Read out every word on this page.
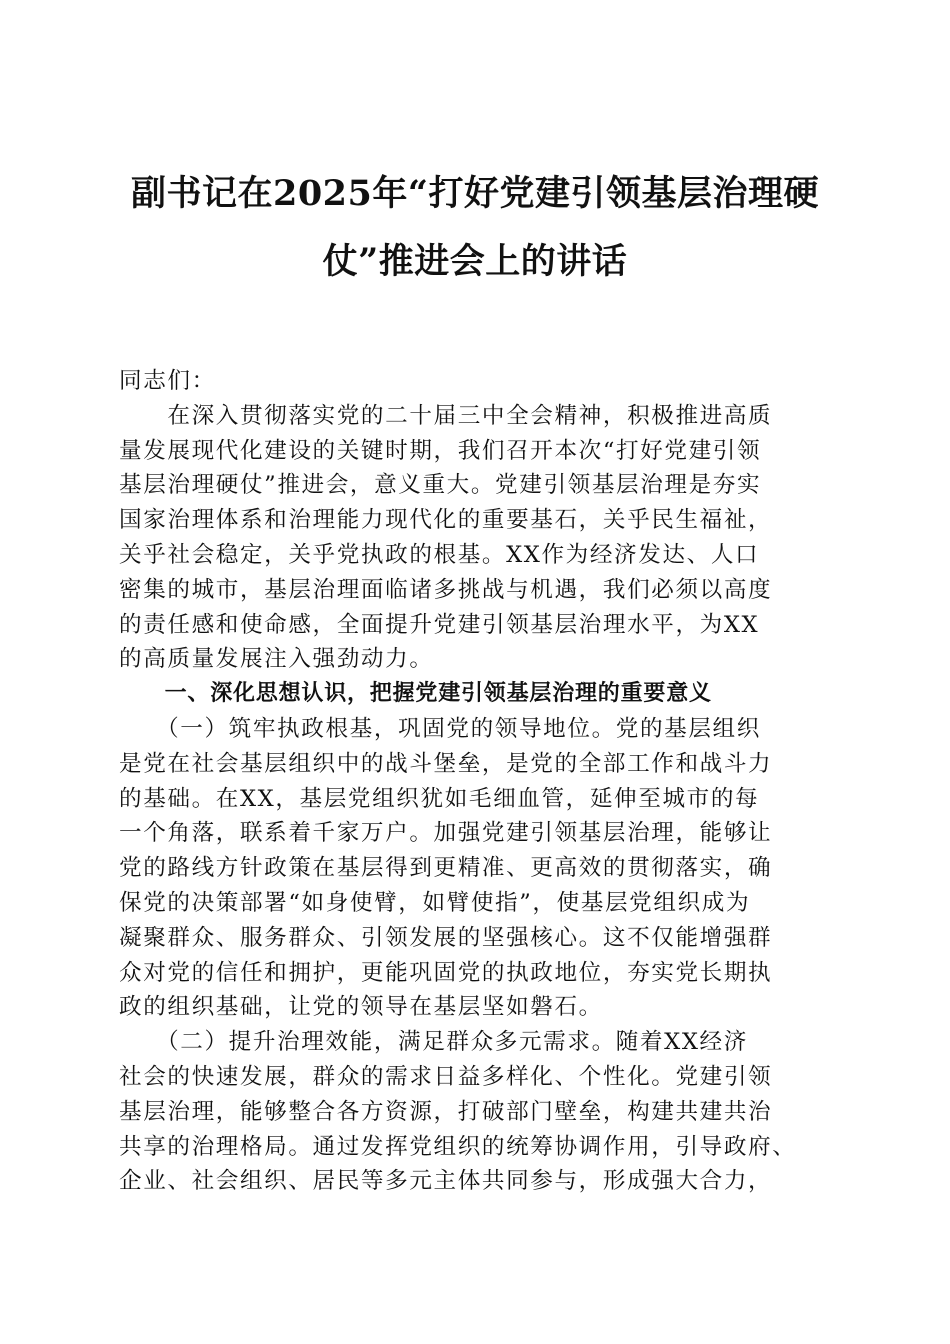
副书记在2025年“打好党建引领基层治理硬
仗”推进会上的讲话
同志们：
　　在深入贯彻落实党的二十届三中全会精神，积极推进高质
量发展现代化建设的关键时期，我们召开本次“打好党建引领
基层治理硬仗”推进会，意义重大。党建引领基层治理是夯实
国家治理体系和治理能力现代化的重要基石，关乎民生福祉，
关乎社会稳定，关乎党执政的根基。XX作为经济发达、人口
密集的城市，基层治理面临诸多挑战与机遇，我们必须以高度
的责任感和使命感，全面提升党建引领基层治理水平，为XX
的高质量发展注入强劲动力。
　　一、深化思想认识，把握党建引领基层治理的重要意义
　　（一）筑牢执政根基，巩固党的领导地位。党的基层组织
是党在社会基层组织中的战斗堡垒，是党的全部工作和战斗力
的基础。在XX，基层党组织犹如毛细血管，延伸至城市的每
一个角落，联系着千家万户。加强党建引领基层治理，能够让
党的路线方针政策在基层得到更精准、更高效的贯彻落实，确
保党的决策部署“如身使臂，如臂使指”，使基层党组织成为
凝聚群众、服务群众、引领发展的坚强核心。这不仅能增强群
众对党的信任和拥护，更能巩固党的执政地位，夯实党长期执
政的组织基础，让党的领导在基层坚如磐石。
　　（二）提升治理效能，满足群众多元需求。随着XX经济
社会的快速发展，群众的需求日益多样化、个性化。党建引领
基层治理，能够整合各方资源，打破部门壁垒，构建共建共治
共享的治理格局。通过发挥党组织的统筹协调作用，引导政府、
企业、社会组织、居民等多元主体共同参与，形成强大合力，
